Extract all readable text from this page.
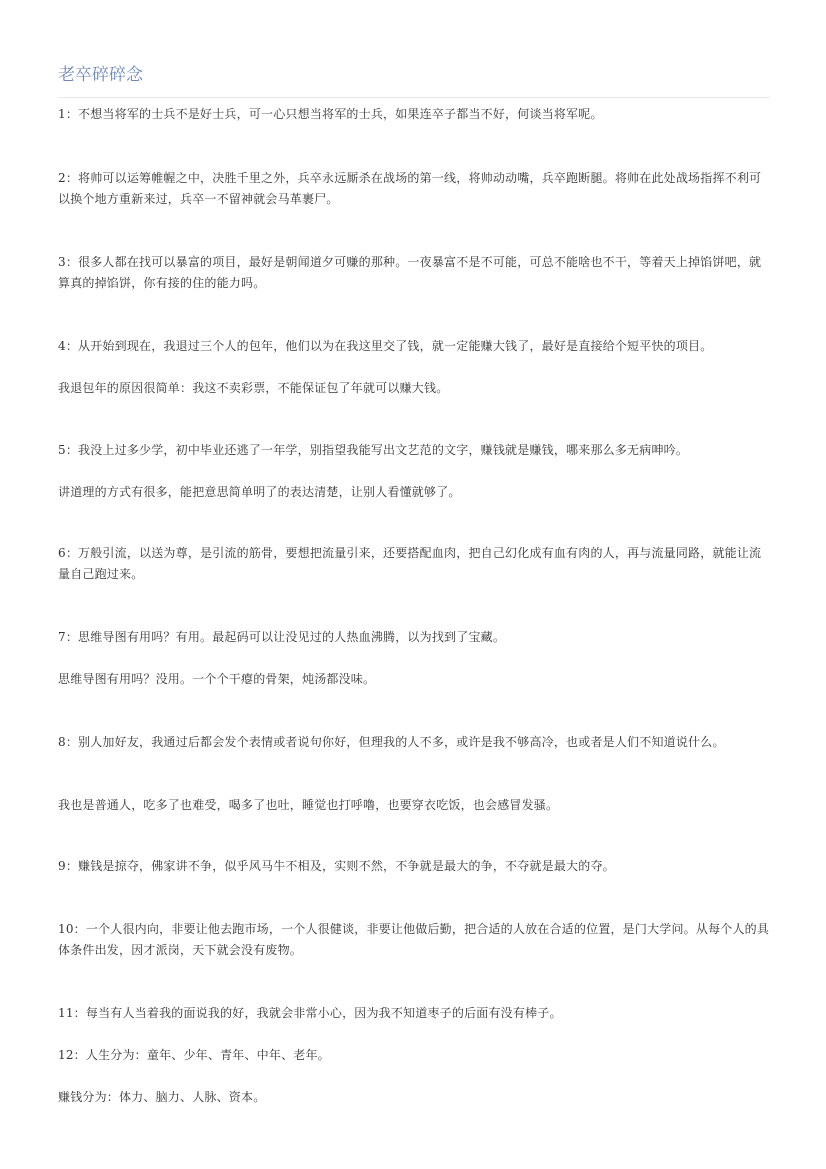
老卒碎碎念

1：不想当将军的士兵不是好士兵，可一心只想当将军的士兵，如果连卒子都当不好，何谈当将军呢。

2：将帅可以运筹帷幄之中，决胜千里之外，兵卒永远厮杀在战场的第一线，将帅动动嘴，兵卒跑断腿。将帅在此处战场指挥不利可以换个地方重新来过，兵卒一不留神就会马革裹尸。

3：很多人都在找可以暴富的项目，最好是朝闻道夕可赚的那种。一夜暴富不是不可能，可总不能啥也不干，等着天上掉馅饼吧，就算真的掉馅饼，你有接的住的能力吗。

4：从开始到现在，我退过三个人的包年，他们以为在我这里交了钱，就一定能赚大钱了，最好是直接给个短平快的项目。

我退包年的原因很简单：我这不卖彩票，不能保证包了年就可以赚大钱。

5：我没上过多少学，初中毕业还逃了一年学，别指望我能写出文艺范的文字，赚钱就是赚钱，哪来那么多无病呻吟。

讲道理的方式有很多，能把意思简单明了的表达清楚，让别人看懂就够了。

6：万般引流，以送为尊，是引流的筋骨，要想把流量引来，还要搭配血肉，把自己幻化成有血有肉的人，再与流量同路，就能让流量自己跑过来。

7：思维导图有用吗？有用。最起码可以让没见过的人热血沸腾，以为找到了宝藏。

思维导图有用吗？没用。一个个干瘪的骨架，炖汤都没味。

8：别人加好友，我通过后都会发个表情或者说句你好，但理我的人不多，或许是我不够高冷，也或者是人们不知道说什么。

我也是普通人，吃多了也难受，喝多了也吐，睡觉也打呼噜，也要穿衣吃饭，也会感冒发骚。

9：赚钱是掠夺，佛家讲不争，似乎风马牛不相及，实则不然，不争就是最大的争，不夺就是最大的夺。

10：一个人很内向，非要让他去跑市场，一个人很健谈，非要让他做后勤，把合适的人放在合适的位置，是门大学问。从每个人的具体条件出发，因才派岗，天下就会没有废物。

11：每当有人当着我的面说我的好，我就会非常小心，因为我不知道枣子的后面有没有棒子。

12：人生分为：童年、少年、青年、中年、老年。

赚钱分为：体力、脑力、人脉、资本。
